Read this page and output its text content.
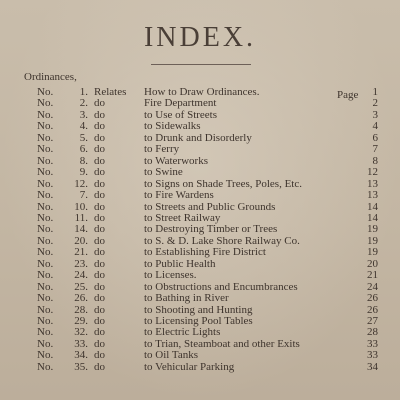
INDEX.
Ordinances,
Page
No.	1. Relates How to Draw Ordinances.	1
No.	2. do	Fire Department	2
No.	3. do	to Use of Streets	3
No.	4. do	to Sidewalks	4
No.	5. do	to Drunk and Disorderly	6
No.	6. do	to Ferry	7
No.	8. do	to Waterworks	8
No.	9. do	to Swine	12
No. 12. do	to Signs on Shade Trees, Poles, Etc.	13
No.	7. do	to Fire Wardens	13
No. 10. do	to Streets and Public Grounds	14
No. 11. do	to Street Railway	14
No. 14. do	to Destroying Timber or Trees	19
No. 20. do	to S. & D. Lake Shore Railway Co.	19
No. 21. do	to Establishing Fire District	19
No. 23. do	to Public Health	20
No. 24. do	to Licenses.	21
No. 25. do	to Obstructions and Encumbrances	24
No. 26. do	to Bathing in River	26
No. 28. do	to Shooting and Hunting	26
No. 29. do	to Licensing Pool Tables	27
No. 32. do	to Electric Lights	28
No. 33. do	to Trian, Steamboat and other Exits	33
No. 34. do	to Oil Tanks	33
No. 35. do	to Vehicular Parking	34
